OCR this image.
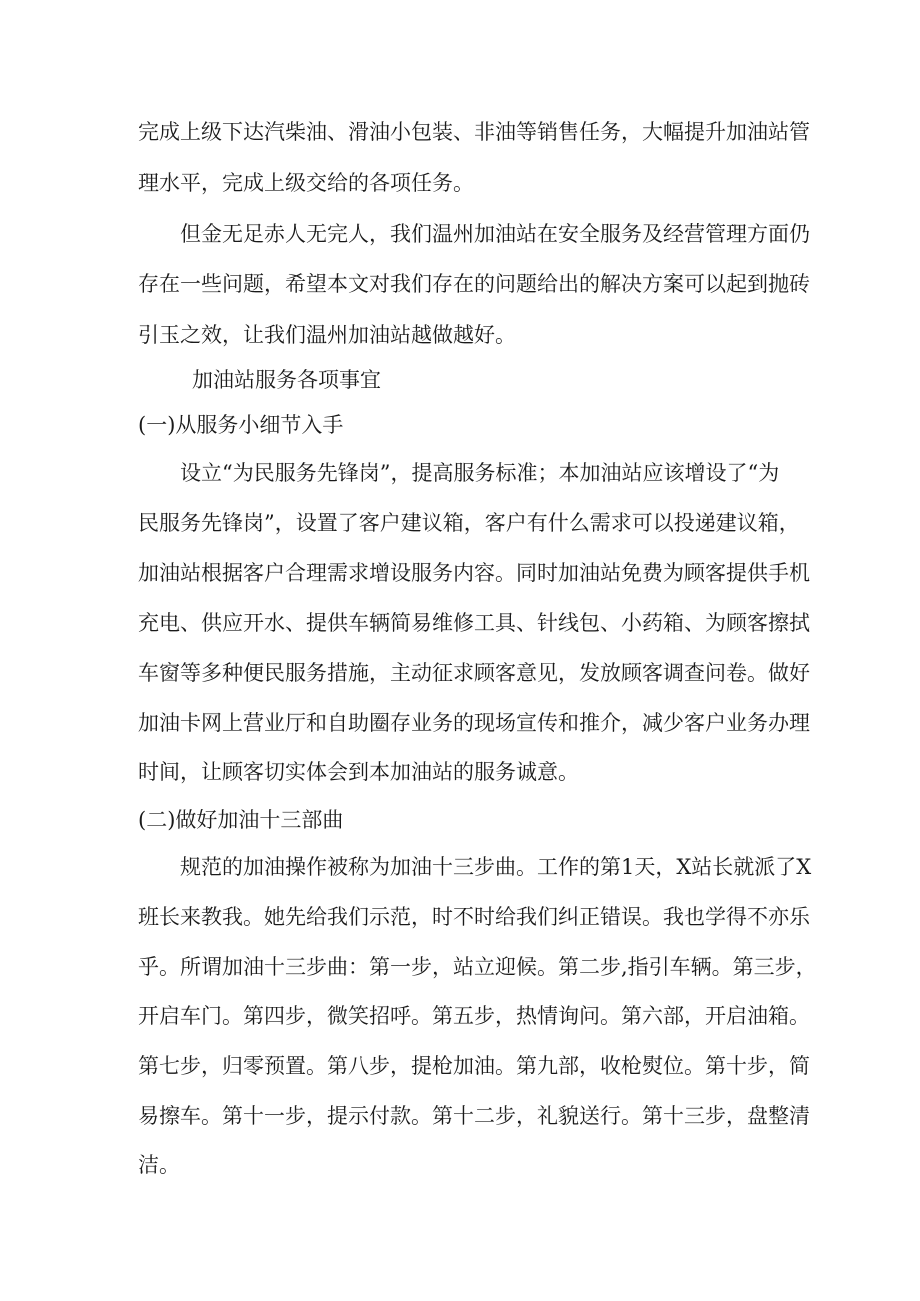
完成上级下达汽柴油、滑油小包装、非油等销售任务，大幅提升加油站管
理水平，完成上级交给的各项任务。
但金无足赤人无完人，我们温州加油站在安全服务及经营管理方面仍
存在一些问题，希望本文对我们存在的问题给出的解决方案可以起到抛砖
引玉之效，让我们温州加油站越做越好。
加油站服务各项事宜
(一)从服务小细节入手
设立“为民服务先锋岗”，提高服务标准；本加油站应该增设了“为
民服务先锋岗”，设置了客户建议箱，客户有什么需求可以投递建议箱，
加油站根据客户合理需求增设服务内容。同时加油站免费为顾客提供手机
充电、供应开水、提供车辆简易维修工具、针线包、小药箱、为顾客擦拭
车窗等多种便民服务措施，主动征求顾客意见，发放顾客调查问卷。做好
加油卡网上营业厅和自助圈存业务的现场宣传和推介，减少客户业务办理
时间，让顾客切实体会到本加油站的服务诚意。
(二)做好加油十三部曲
规范的加油操作被称为加油十三步曲。工作的第1天，X站长就派了X
班长来教我。她先给我们示范，时不时给我们纠正错误。我也学得不亦乐
乎。所谓加油十三步曲：第一步，站立迎候。第二步,指引车辆。第三步，
开启车门。第四步，微笑招呼。第五步，热情询问。第六部，开启油箱。
第七步，归零预置。第八步，提枪加油。第九部，收枪熨位。第十步，简
易擦车。第十一步，提示付款。第十二步，礼貌送行。第十三步，盘整清
洁。
